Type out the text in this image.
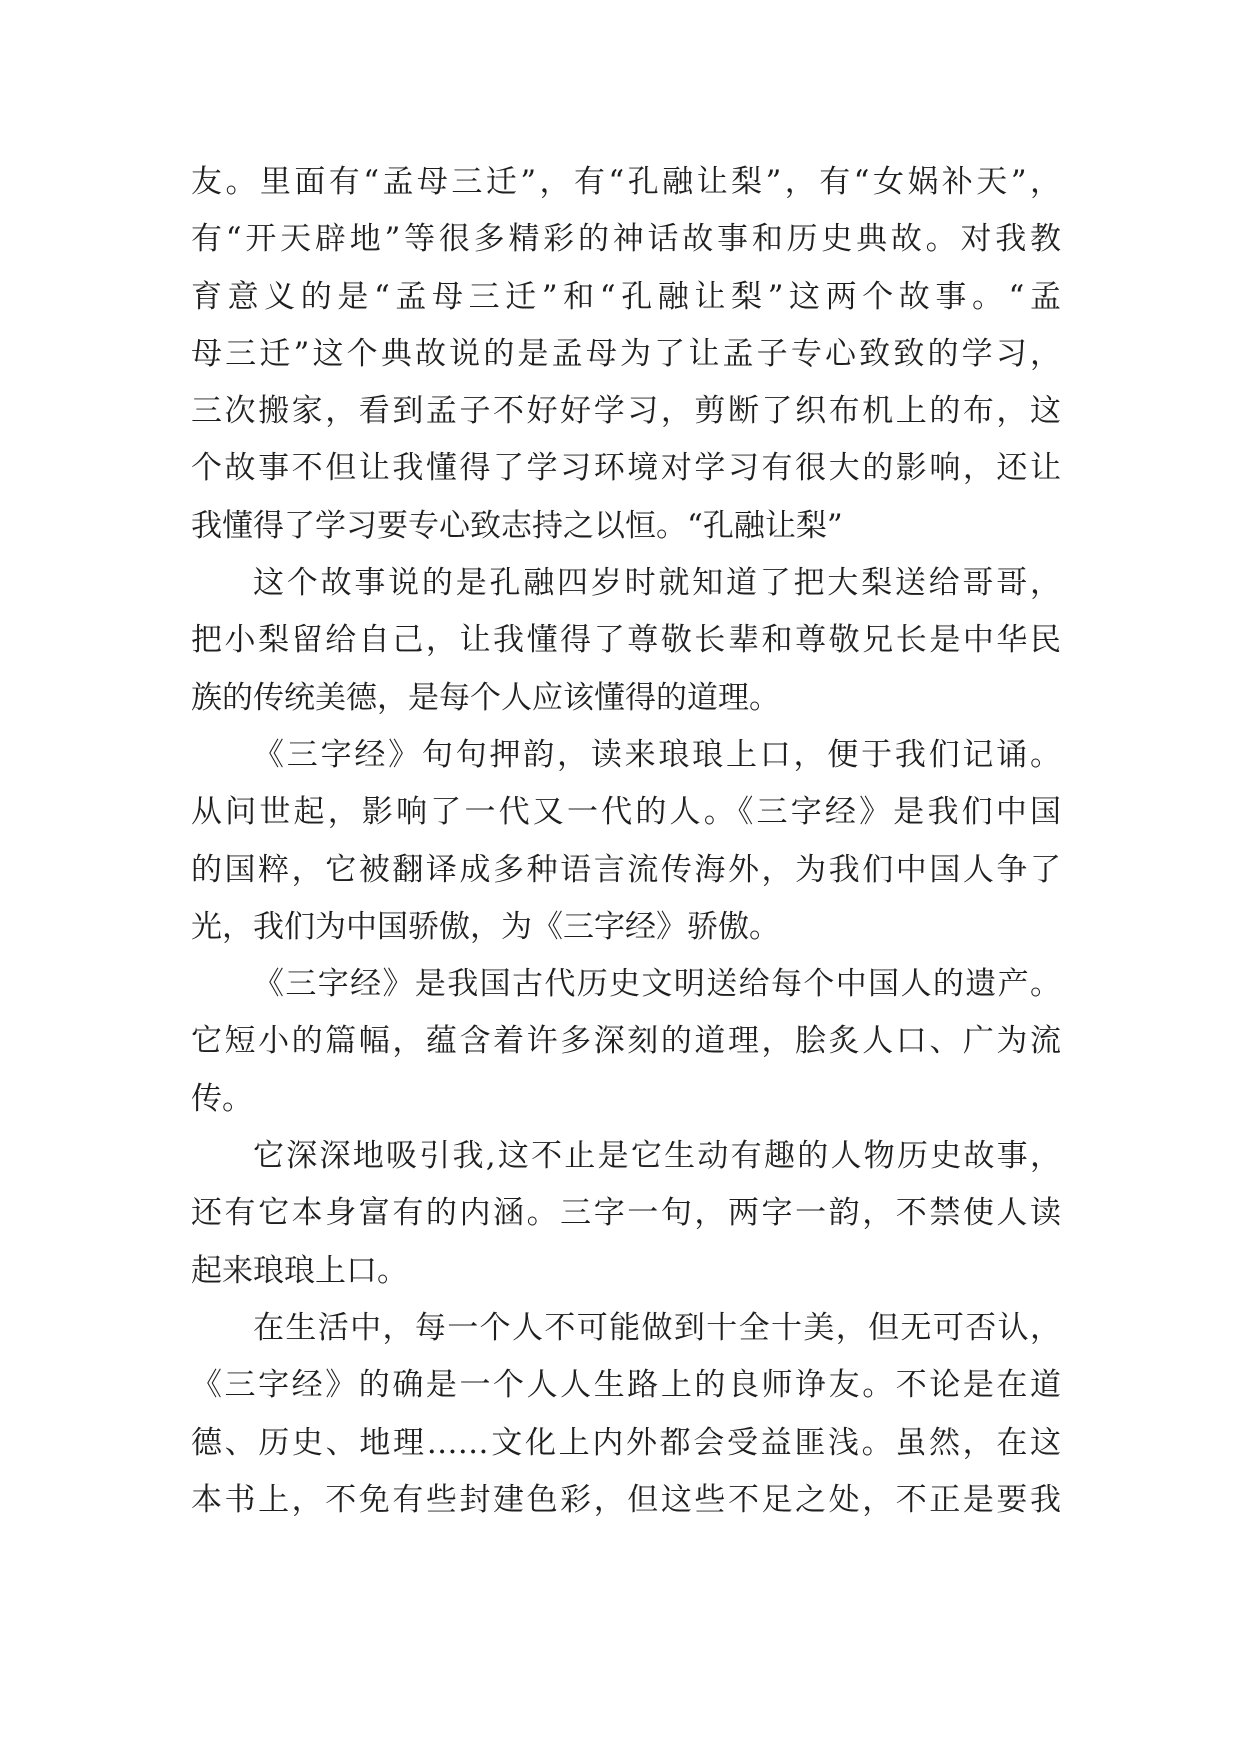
友。里面有“孟母三迁”，有“孔融让梨”，有“女娲补天”，
有“开天辟地”等很多精彩的神话故事和历史典故。对我教
育意义的是“孟母三迁”和“孔融让梨”这两个故事。“孟
母三迁”这个典故说的是孟母为了让孟子专心致致的学习，
三次搬家，看到孟子不好好学习，剪断了织布机上的布，这
个故事不但让我懂得了学习环境对学习有很大的影响，还让
我懂得了学习要专心致志持之以恒。“孔融让梨”
这个故事说的是孔融四岁时就知道了把大梨送给哥哥，
把小梨留给自己，让我懂得了尊敬长辈和尊敬兄长是中华民
族的传统美德，是每个人应该懂得的道理。
《三字经》句句押韵，读来琅琅上口，便于我们记诵。
从问世起，影响了一代又一代的人。《三字经》是我们中国
的国粹，它被翻译成多种语言流传海外，为我们中国人争了
光，我们为中国骄傲，为《三字经》骄傲。
《三字经》是我国古代历史文明送给每个中国人的遗产。
它短小的篇幅，蕴含着许多深刻的道理，脍炙人口、广为流
传。
它深深地吸引我,这不止是它生动有趣的人物历史故事，
还有它本身富有的内涵。三字一句，两字一韵，不禁使人读
起来琅琅上口。
在生活中，每一个人不可能做到十全十美，但无可否认，
《三字经》的确是一个人人生路上的良师诤友。不论是在道
德、历史、地理……文化上内外都会受益匪浅。虽然，在这
本书上，不免有些封建色彩，但这些不足之处，不正是要我
